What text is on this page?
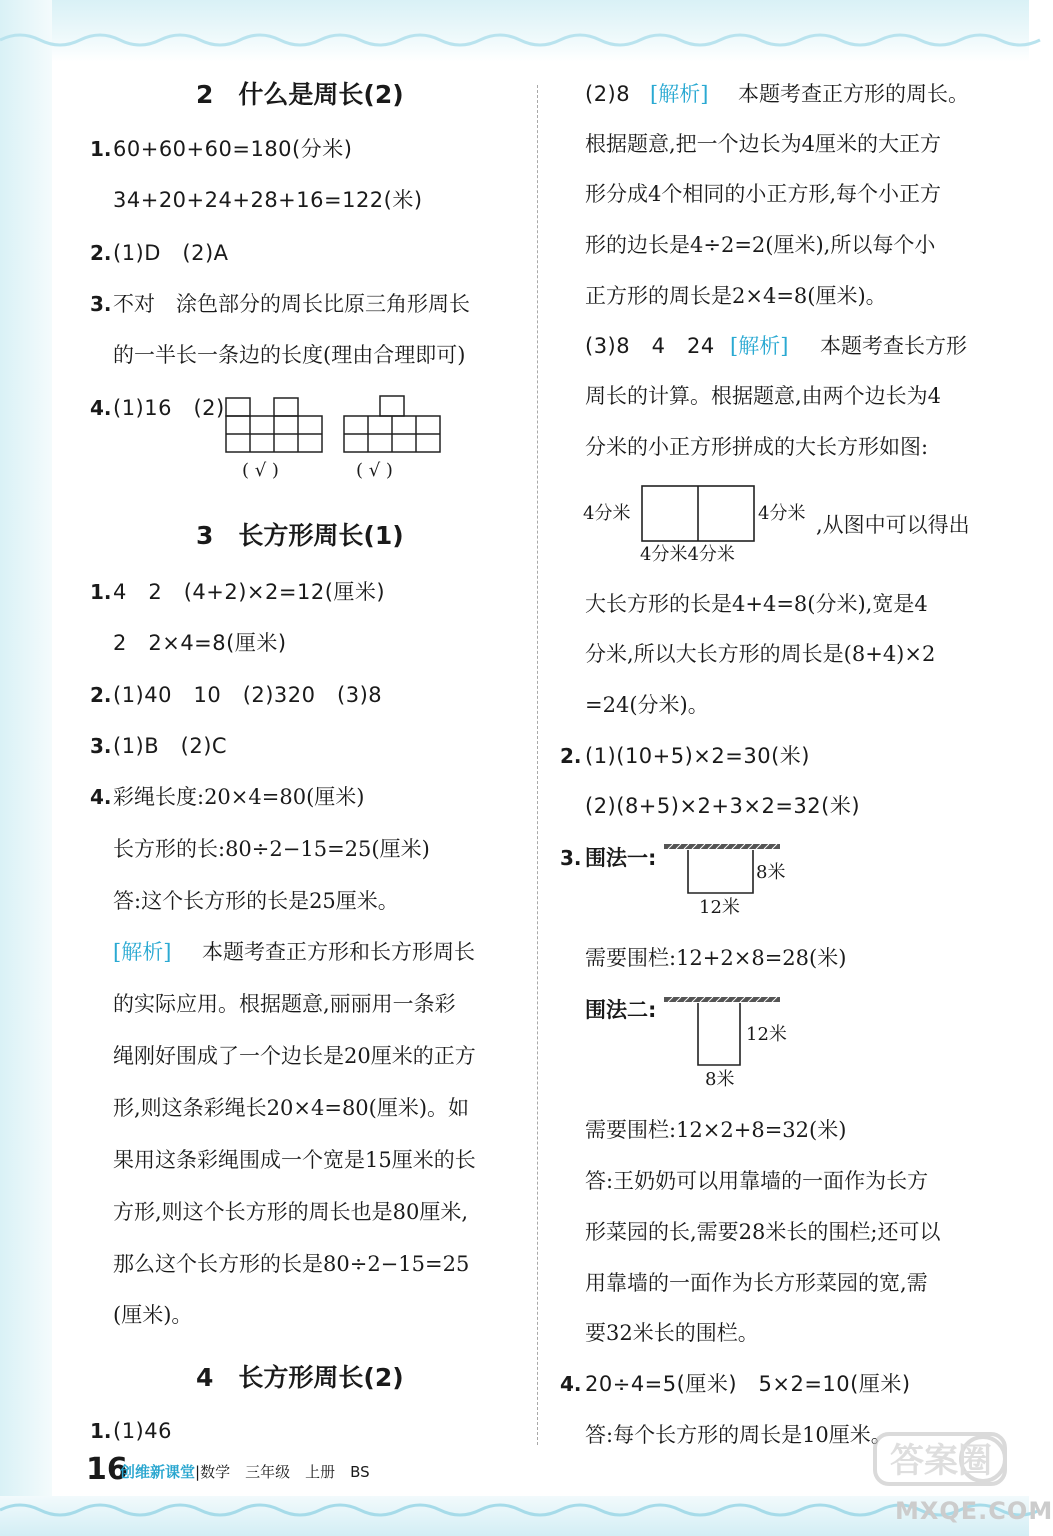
2　什么是周长(2)
1. 60+60+60=180(分米)
34+20+24+28+16=122(米)
2. (1)D　(2)A
3. 不对　涂色部分的周长比原三角形周长
的一半长一条边的长度(理由合理即可)
4. (1)16　(2)
( √ )	( √ )
3　长方形周长(1)
1. 4　2　(4+2)×2=12(厘米)
2　2×4=8(厘米)
2. (1)40　10　(2)320　(3)8
3. (1)B　(2)C
4. 彩绳长度:20×4=80(厘米)
长方形的长:80÷2−15=25(厘米)
答:这个长方形的长是25厘米。
[解析] 本题考查正方形和长方形周长
的实际应用。根据题意,丽丽用一条彩
绳刚好围成了一个边长是20厘米的正方
形,则这条彩绳长20×4=80(厘米)。如
果用这条彩绳围成一个宽是15厘米的长
方形,则这个长方形的周长也是80厘米,
那么这个长方形的长是80÷2−15=25
(厘米)。
4　长方形周长(2)
1. (1)46
(2)8 [解析] 本题考查正方形的周长。
根据题意,把一个边长为4厘米的大正方
形分成4个相同的小正方形,每个小正方
形的边长是4÷2=2(厘米),所以每个小
正方形的周长是2×4=8(厘米)。
(3)8　4　24 [解析] 本题考查长方形
周长的计算。根据题意,由两个边长为4
分米的小正方形拼成的大长方形如图:
4分米	4分米
4分米4分米
,从图中可以得出
大长方形的长是4+4=8(分米),宽是4
分米,所以大长方形的周长是(8+4)×2
=24(分米)。
2. (1)(10+5)×2=30(米)
(2)(8+5)×2+3×2=32(米)
3. 围法一:
8米
12米
需要围栏:12+2×8=28(米)
围法二:
12米
8米
需要围栏:12×2+8=32(米)
答:王奶奶可以用靠墙的一面作为长方
形菜园的长,需要28米长的围栏;还可以
用靠墙的一面作为长方形菜园的宽,需
要32米长的围栏。
4. 20÷4=5(厘米)　5×2=10(厘米)
答:每个长方形的周长是10厘米。
16
创维新课堂|数学　三年级　上册　BS	答案圈
MXQE.COM
